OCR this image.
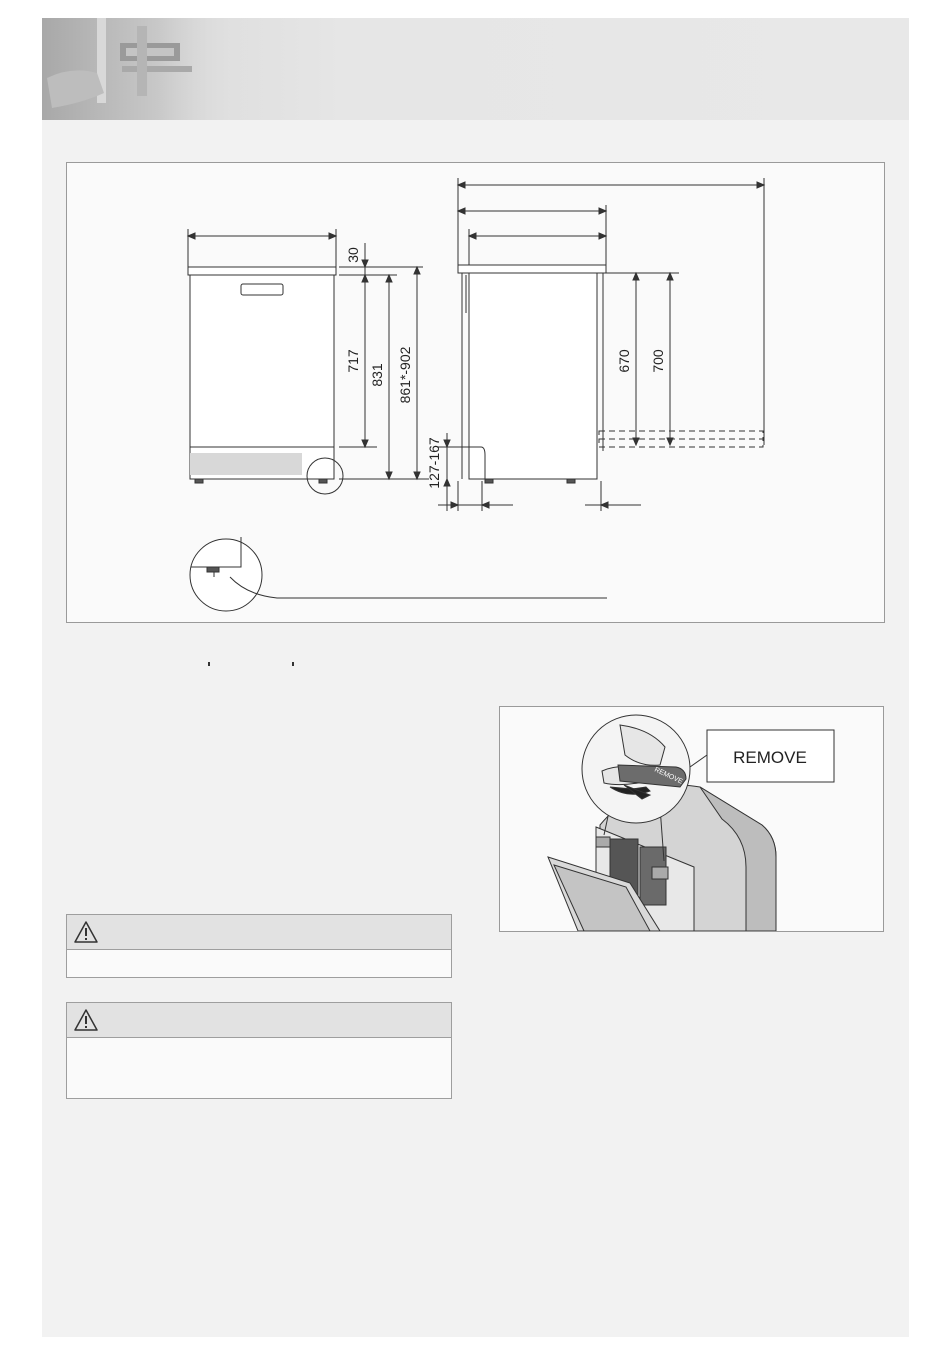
30
717
831 861*-902
127-167
670 700
REMOVE
REMOVE
